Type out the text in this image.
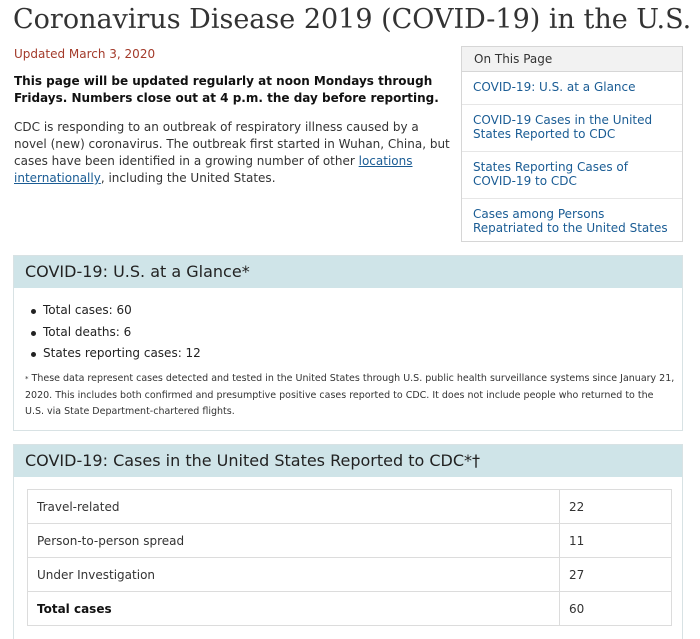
Coronavirus Disease 2019 (COVID-19) in the U.S.
Updated March 3, 2020

This page will be updated regularly at noon Mondays through Fridays. Numbers close out at 4 p.m. the day before reporting.

CDC is responding to an outbreak of respiratory illness caused by a novel (new) coronavirus. The outbreak first started in Wuhan, China, but cases have been identified in a growing number of other locations internationally, including the United States.

On This Page
COVID-19: U.S. at a Glance
COVID-19 Cases in the United States Reported to CDC
States Reporting Cases of COVID-19 to CDC
Cases among Persons Repatriated to the United States
COVID-19: U.S. at a Glance*
Total cases: 60
Total deaths: 6
States reporting cases: 12

* These data represent cases detected and tested in the United States through U.S. public health surveillance systems since January 21, 2020. This includes both confirmed and presumptive positive cases reported to CDC. It does not include people who returned to the U.S. via State Department-chartered flights.

COVID-19: Cases in the United States Reported to CDC*†
Travel-related	22
Person-to-person spread	11
Under Investigation	27
Total cases	60
